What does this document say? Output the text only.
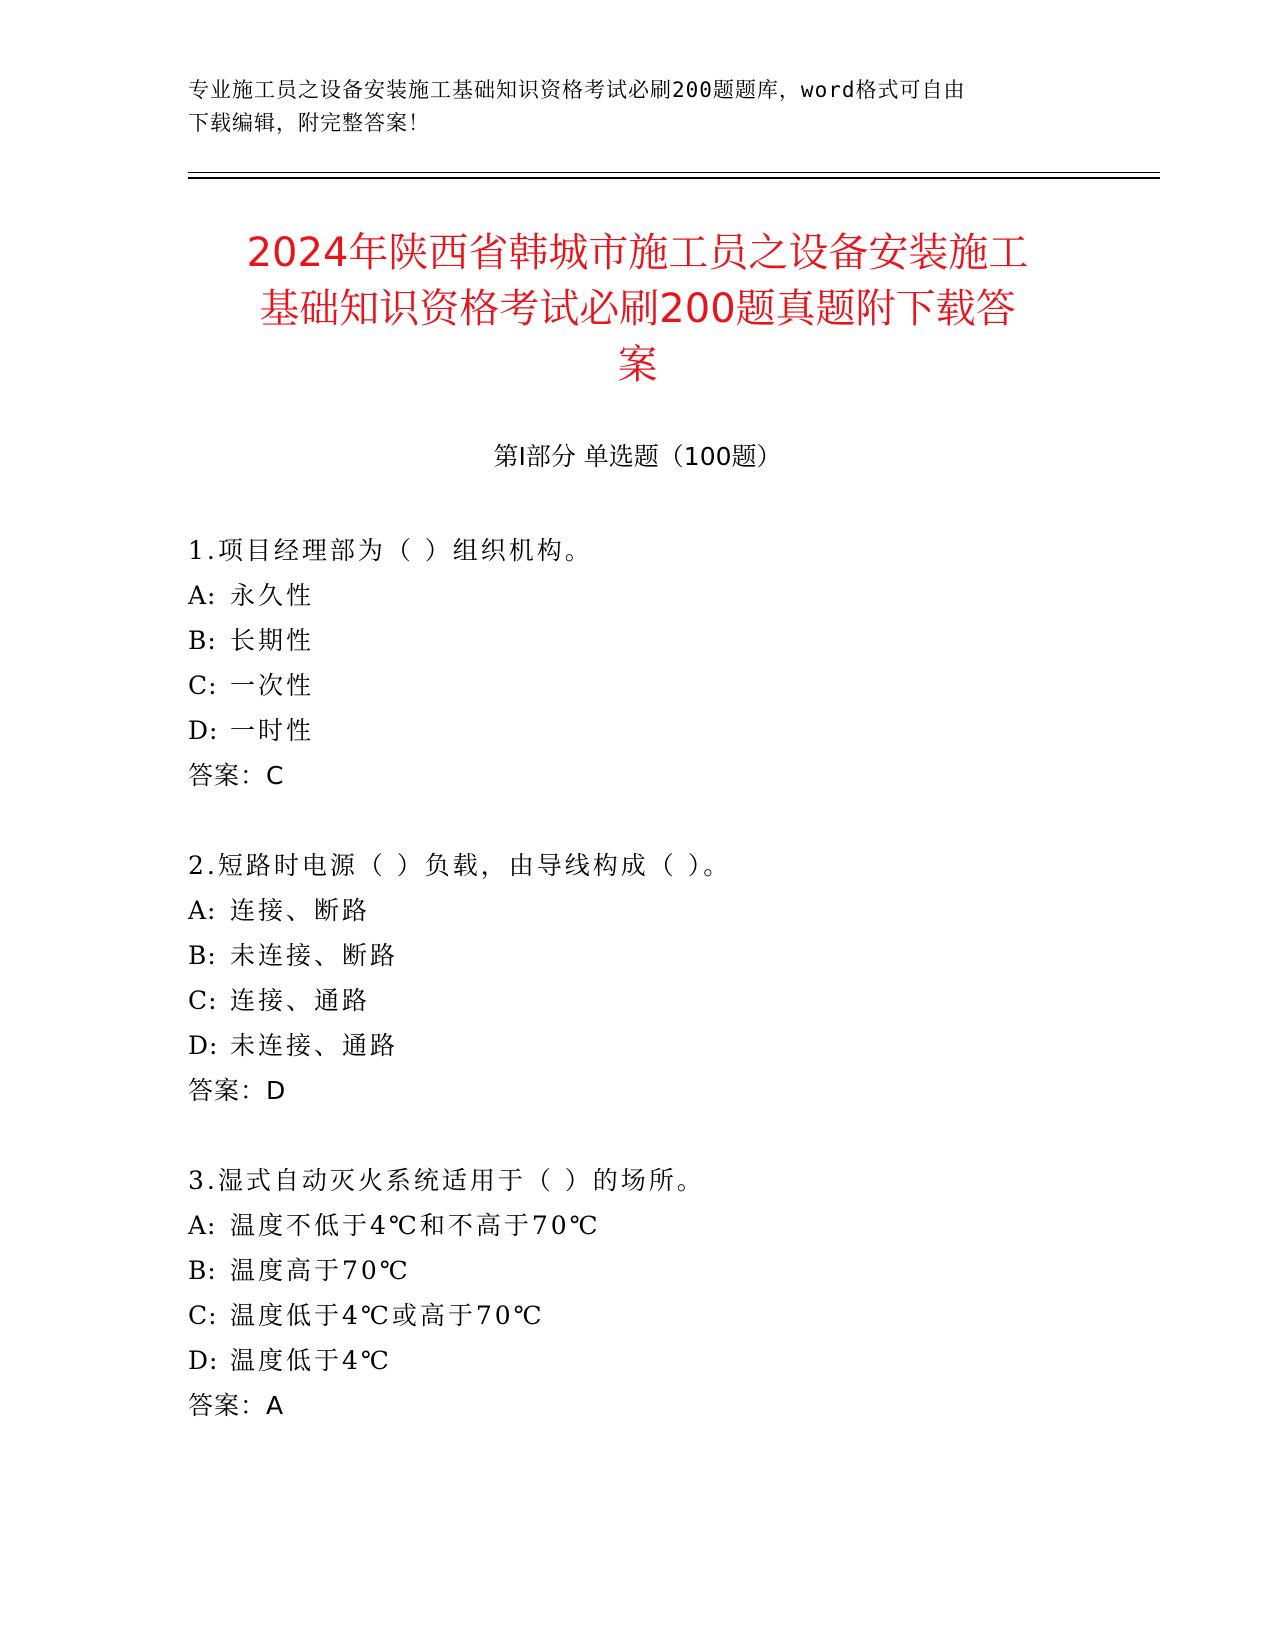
专业施工员之设备安装施工基础知识资格考试必刷200题题库，word格式可自由
下载编辑，附完整答案！
2024年陕西省韩城市施工员之设备安装施工
基础知识资格考试必刷200题真题附下载答
案
第Ⅰ部分 单选题（100题）
1.项目经理部为（ ）组织机构。
A: 永久性
B: 长期性
C: 一次性
D: 一时性
答案：C
2.短路时电源（ ）负载，由导线构成（ ）。
A: 连接、断路
B: 未连接、断路
C: 连接、通路
D: 未连接、通路
答案：D
3.湿式自动灭火系统适用于（ ）的场所。
A: 温度不低于4℃和不高于70℃
B: 温度高于70℃
C: 温度低于4℃或高于70℃
D: 温度低于4℃
答案：A
